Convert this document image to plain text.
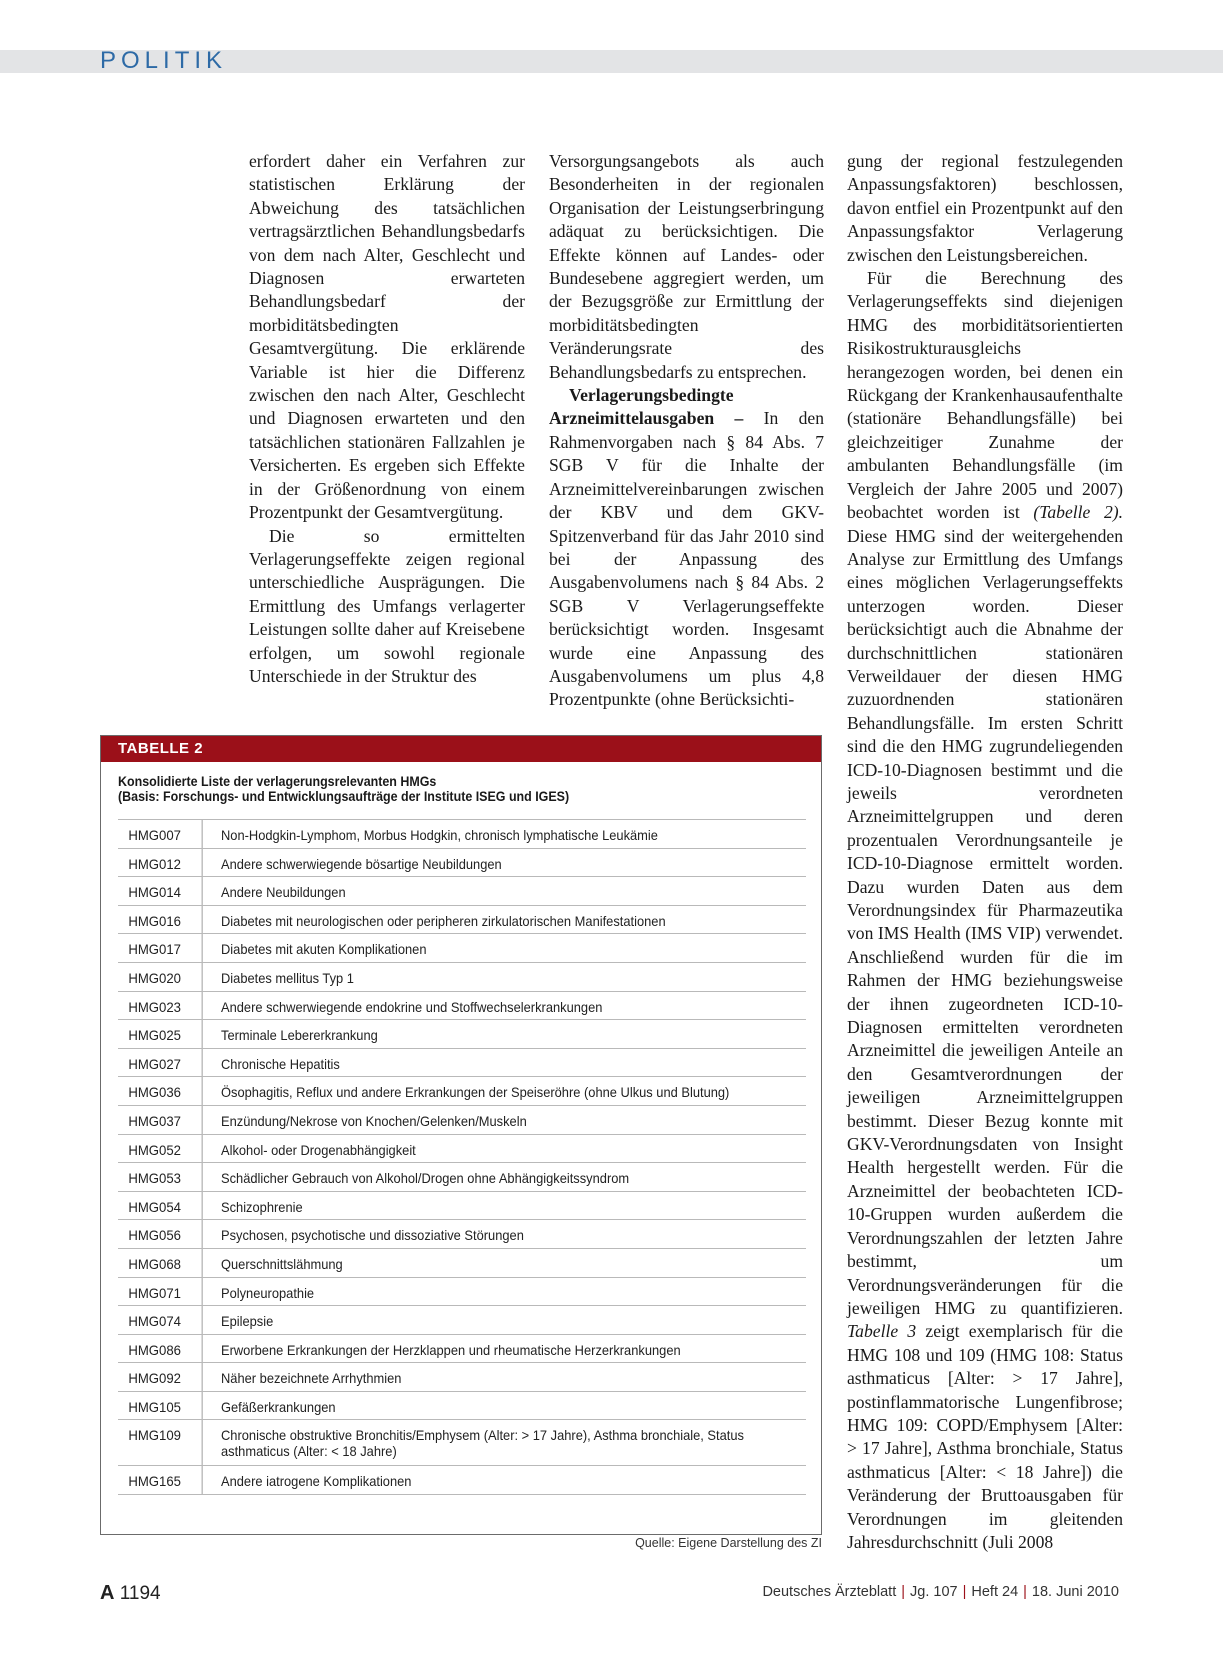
POLITIK

erfordert daher ein Verfahren zur statistischen Erklärung der Abweichung des tatsächlichen vertragsärztlichen Behandlungsbedarfs von dem nach Alter, Geschlecht und Diagnosen erwarteten Behandlungsbedarf der morbiditätsbedingten Gesamtvergütung. Die erklärende Variable ist hier die Differenz zwischen den nach Alter, Geschlecht und Diagnosen erwarteten und den tatsächlichen stationären Fallzahlen je Versicherten. Es ergeben sich Effekte in der Größenordnung von einem Prozentpunkt der Gesamtvergütung.

Die so ermittelten Verlagerungseffekte zeigen regional unterschiedliche Ausprägungen. Die Ermittlung des Umfangs verlagerter Leistungen sollte daher auf Kreisebene erfolgen, um sowohl regionale Unterschiede in der Struktur des

Versorgungsangebots als auch Besonderheiten in der regionalen Organisation der Leistungserbringung adäquat zu berücksichtigen. Die Effekte können auf Landes- oder Bundesebene aggregiert werden, um der Bezugsgröße zur Ermittlung der morbiditätsbedingten Veränderungsrate des Behandlungsbedarfs zu entsprechen.

Verlagerungsbedingte Arzneimittelausgaben – In den Rahmenvorgaben nach § 84 Abs. 7 SGB V für die Inhalte der Arzneimittelvereinbarungen zwischen der KBV und dem GKV-Spitzenverband für das Jahr 2010 sind bei der Anpassung des Ausgabenvolumens nach § 84 Abs. 2 SGB V Verlagerungseffekte berücksichtigt worden. Insgesamt wurde eine Anpassung des Ausgabenvolumens um plus 4,8 Prozentpunkte (ohne Berücksichti-

gung der regional festzulegenden Anpassungsfaktoren) beschlossen, davon entfiel ein Prozentpunkt auf den Anpassungsfaktor Verlagerung zwischen den Leistungsbereichen.

Für die Berechnung des Verlagerungseffekts sind diejenigen HMG des morbiditätsorientierten Risikostrukturausgleichs herangezogen worden, bei denen ein Rückgang der Krankenhausaufenthalte (stationäre Behandlungsfälle) bei gleichzeitiger Zunahme der ambulanten Behandlungsfälle (im Vergleich der Jahre 2005 und 2007) beobachtet worden ist (Tabelle 2). Diese HMG sind der weitergehenden Analyse zur Ermittlung des Umfangs eines möglichen Verlagerungseffekts unterzogen worden. Dieser berücksichtigt auch die Abnahme der durchschnittlichen stationären Verweildauer der diesen HMG zuzuordnenden stationären Behandlungsfälle. Im ersten Schritt sind die den HMG zugrundeliegenden ICD-10-Diagnosen bestimmt und die jeweils verordneten Arzneimittelgruppen und deren prozentualen Verordnungsanteile je ICD-10-Diagnose ermittelt worden. Dazu wurden Daten aus dem Verordnungsindex für Pharmazeutika von IMS Health (IMS VIP) verwendet. Anschließend wurden für die im Rahmen der HMG beziehungsweise der ihnen zugeordneten ICD-10-Diagnosen ermittelten verordneten Arzneimittel die jeweiligen Anteile an den Gesamtverordnungen der jeweiligen Arzneimittelgruppen bestimmt. Dieser Bezug konnte mit GKV-Verordnungsdaten von Insight Health hergestellt werden. Für die Arzneimittel der beobachteten ICD-10-Gruppen wurden außerdem die Verordnungszahlen der letzten Jahre bestimmt, um Verordnungsveränderungen für die jeweiligen HMG zu quantifizieren. Tabelle 3 zeigt exemplarisch für die HMG 108 und 109 (HMG 108: Status asthmaticus [Alter: > 17 Jahre], postinflammatorische Lungenfibrose; HMG 109: COPD/Emphysem [Alter: > 17 Jahre], Asthma bronchiale, Status asthmaticus [Alter: < 18 Jahre]) die Veränderung der Bruttoausgaben für Verordnungen im gleitenden Jahresdurchschnitt (Juli 2008

TABELLE 2
Konsolidierte Liste der verlagerungsrelevanten HMGs
(Basis: Forschungs- und Entwicklungsaufträge der Institute ISEG und IGES)
HMG007	Non-Hodgkin-Lymphom, Morbus Hodgkin, chronisch lymphatische Leukämie
HMG012	Andere schwerwiegende bösartige Neubildungen
HMG014	Andere Neubildungen
HMG016	Diabetes mit neurologischen oder peripheren zirkulatorischen Manifestationen
HMG017	Diabetes mit akuten Komplikationen
HMG020	Diabetes mellitus Typ 1
HMG023	Andere schwerwiegende endokrine und Stoffwechselerkrankungen
HMG025	Terminale Lebererkrankung
HMG027	Chronische Hepatitis
HMG036	Ösophagitis, Reflux und andere Erkrankungen der Speiseröhre (ohne Ulkus und Blutung)
HMG037	Enzündung/Nekrose von Knochen/Gelenken/Muskeln
HMG052	Alkohol- oder Drogenabhängigkeit
HMG053	Schädlicher Gebrauch von Alkohol/Drogen ohne Abhängigkeitssyndrom
HMG054	Schizophrenie
HMG056	Psychosen, psychotische und dissoziative Störungen
HMG068	Querschnittslähmung
HMG071	Polyneuropathie
HMG074	Epilepsie
HMG086	Erworbene Erkrankungen der Herzklappen und rheumatische Herzerkrankungen
HMG092	Näher bezeichnete Arrhythmien
HMG105	Gefäßerkrankungen
HMG109	Chronische obstruktive Bronchitis/Emphysem (Alter: > 17 Jahre), Asthma bronchiale, Status asthmaticus (Alter: < 18 Jahre)
HMG165	Andere iatrogene Komplikationen
Quelle: Eigene Darstellung des ZI
A 1194	Deutsches Ärzteblatt | Jg. 107 | Heft 24 | 18. Juni 2010
